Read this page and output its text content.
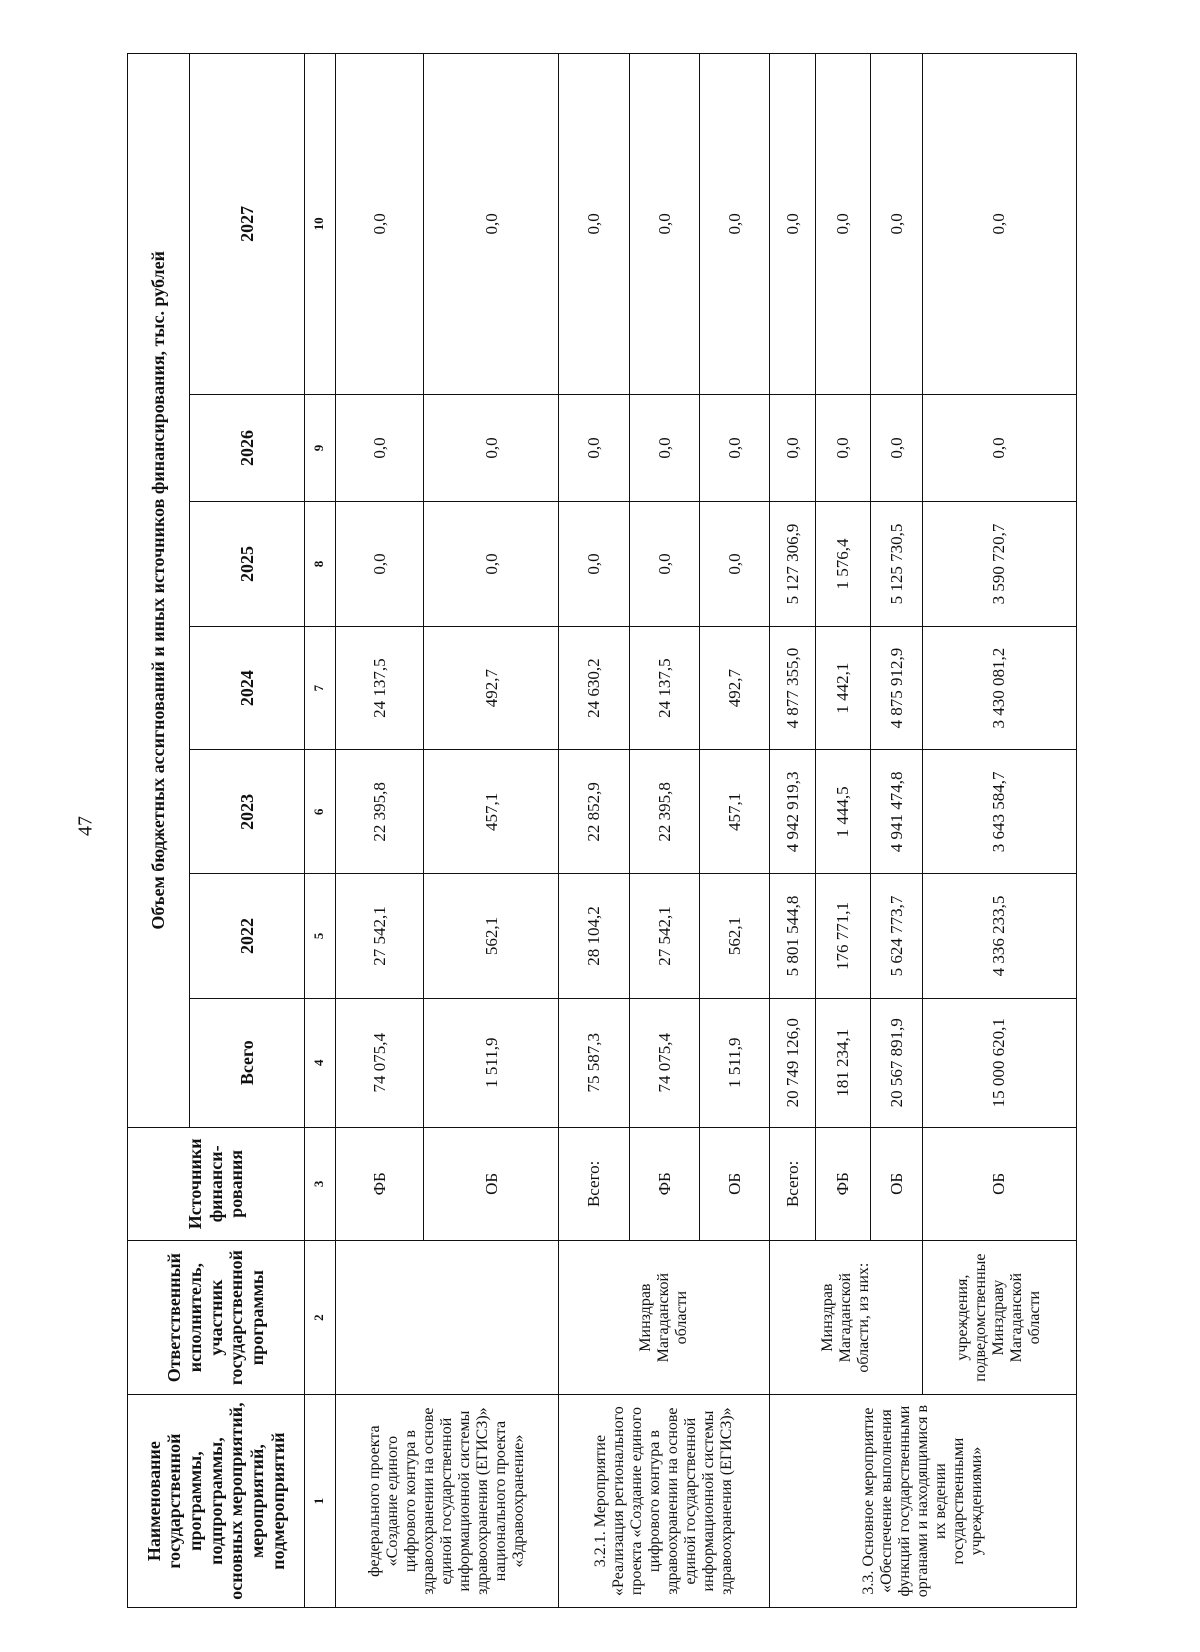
47
Наименование государственной программы, подпрограммы, основных мероприятий, мероприятий, подмероприятий	Ответственный исполнитель, участник государственной программы	Источники финанси-рования	Объем бюджетных ассигнований и иных источников финансирования, тыс. рублей						
			Всего	2022	2023	2024	2025	2026	2027
1	2	3	4	5	6	7	8	9	10
федерального проекта «Создание единого цифрового контура в здравоохранении на основе единой государственной информационной системы здравоохранения (ЕГИСЗ)» национального проекта «Здравоохранение»		ФБ	74 075,4	27 542,1	22 395,8	24 137,5	0,0	0,0	0,0
		ОБ	1 511,9	562,1	457,1	492,7	0,0	0,0	0,0
3.2.1. Мероприятие «Реализация регионального проекта «Создание единого цифрового контура в здравоохранении на основе единой государственной информационной системы здравоохранения (ЕГИСЗ)»	Минздрав Магаданской области	Всего:	75 587,3	28 104,2	22 852,9	24 630,2	0,0	0,0	0,0
		ФБ	74 075,4	27 542,1	22 395,8	24 137,5	0,0	0,0	0,0
		ОБ	1 511,9	562,1	457,1	492,7	0,0	0,0	0,0
3.3. Основное мероприятие «Обеспечение выполнения функций государственными органами и находящимися в их ведении государственными учреждениями»	Минздрав Магаданской области, из них:	Всего:	20 749 126,0	5 801 544,8	4 942 919,3	4 877 355,0	5 127 306,9	0,0	0,0
		ФБ	181 234,1	176 771,1	1 444,5	1 442,1	1 576,4	0,0	0,0
		ОБ	20 567 891,9	5 624 773,7	4 941 474,8	4 875 912,9	5 125 730,5	0,0	0,0
	учреждения, подведомственные Минздраву Магаданской области	ОБ	15 000 620,1	4 336 233,5	3 643 584,7	3 430 081,2	3 590 720,7	0,0	0,0
